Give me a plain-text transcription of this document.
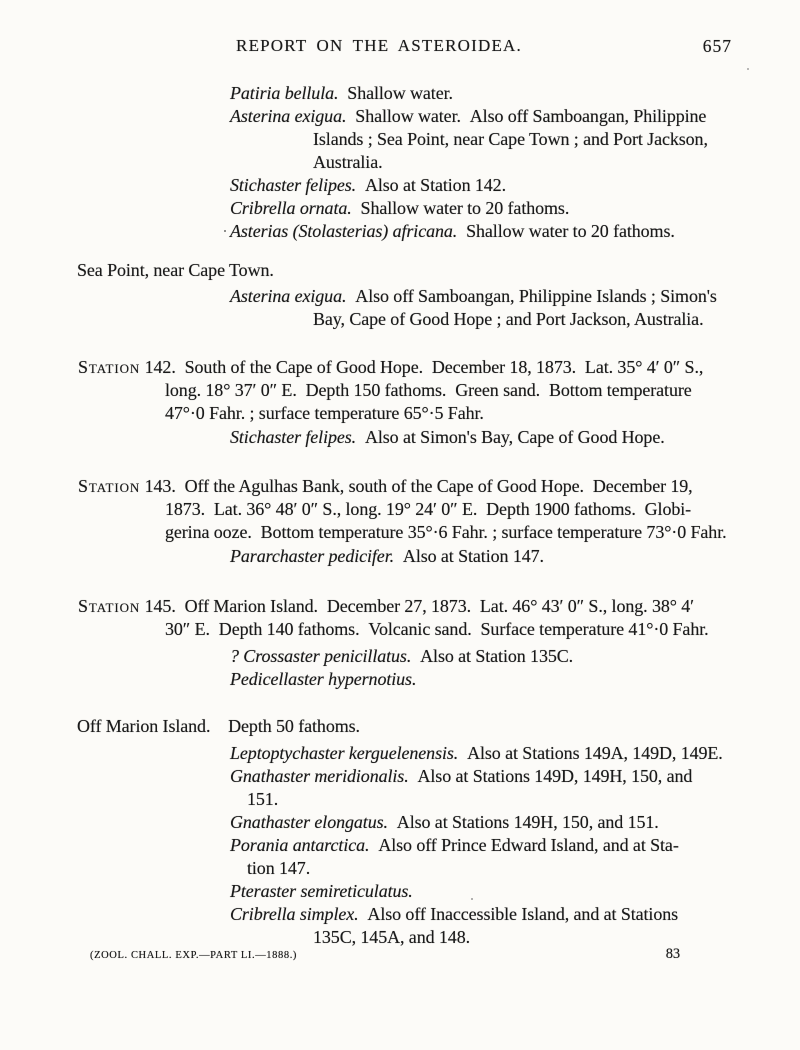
REPORT ON THE ASTEROIDEA.	657
Patiria bellula. Shallow water.
Asterina exigua. Shallow water. Also off Samboangan, Philippine
Islands ; Sea Point, near Cape Town ; and Port Jackson,
Australia.
Stichaster felipes. Also at Station 142.
Cribrella ornata. Shallow water to 20 fathoms.
Asterias (Stolasterias) africana. Shallow water to 20 fathoms.
Sea Point, near Cape Town.
Asterina exigua. Also off Samboangan, Philippine Islands ; Simon's
Bay, Cape of Good Hope ; and Port Jackson, Australia.
Station 142. South of the Cape of Good Hope. December 18, 1873. Lat. 35° 4′ 0″ S.,
long. 18° 37′ 0″ E. Depth 150 fathoms. Green sand. Bottom temperature
47°·0 Fahr. ; surface temperature 65°·5 Fahr.
Stichaster felipes. Also at Simon's Bay, Cape of Good Hope.
Station 143. Off the Agulhas Bank, south of the Cape of Good Hope. December 19,
1873. Lat. 36° 48′ 0″ S., long. 19° 24′ 0″ E. Depth 1900 fathoms. Globi-
gerina ooze. Bottom temperature 35°·6 Fahr. ; surface temperature 73°·0 Fahr.
Pararchaster pedicifer. Also at Station 147.
Station 145. Off Marion Island. December 27, 1873. Lat. 46° 43′ 0″ S., long. 38° 4′
30″ E. Depth 140 fathoms. Volcanic sand. Surface temperature 41°·0 Fahr.
? Crossaster penicillatus. Also at Station 135C.
Pedicellaster hypernotius.
Off Marion Island.  Depth 50 fathoms.
Leptoptychaster kerguelenensis. Also at Stations 149A, 149D, 149E.
Gnathaster meridionalis. Also at Stations 149D, 149H, 150, and
151.
Gnathaster elongatus. Also at Stations 149H, 150, and 151.
Porania antarctica. Also off Prince Edward Island, and at Sta-
tion 147.
Pteraster semireticulatus.
Cribrella simplex. Also off Inaccessible Island, and at Stations
135C, 145A, and 148.
(ZOOL. CHALL. EXP.—PART LI.—1888.)	83
